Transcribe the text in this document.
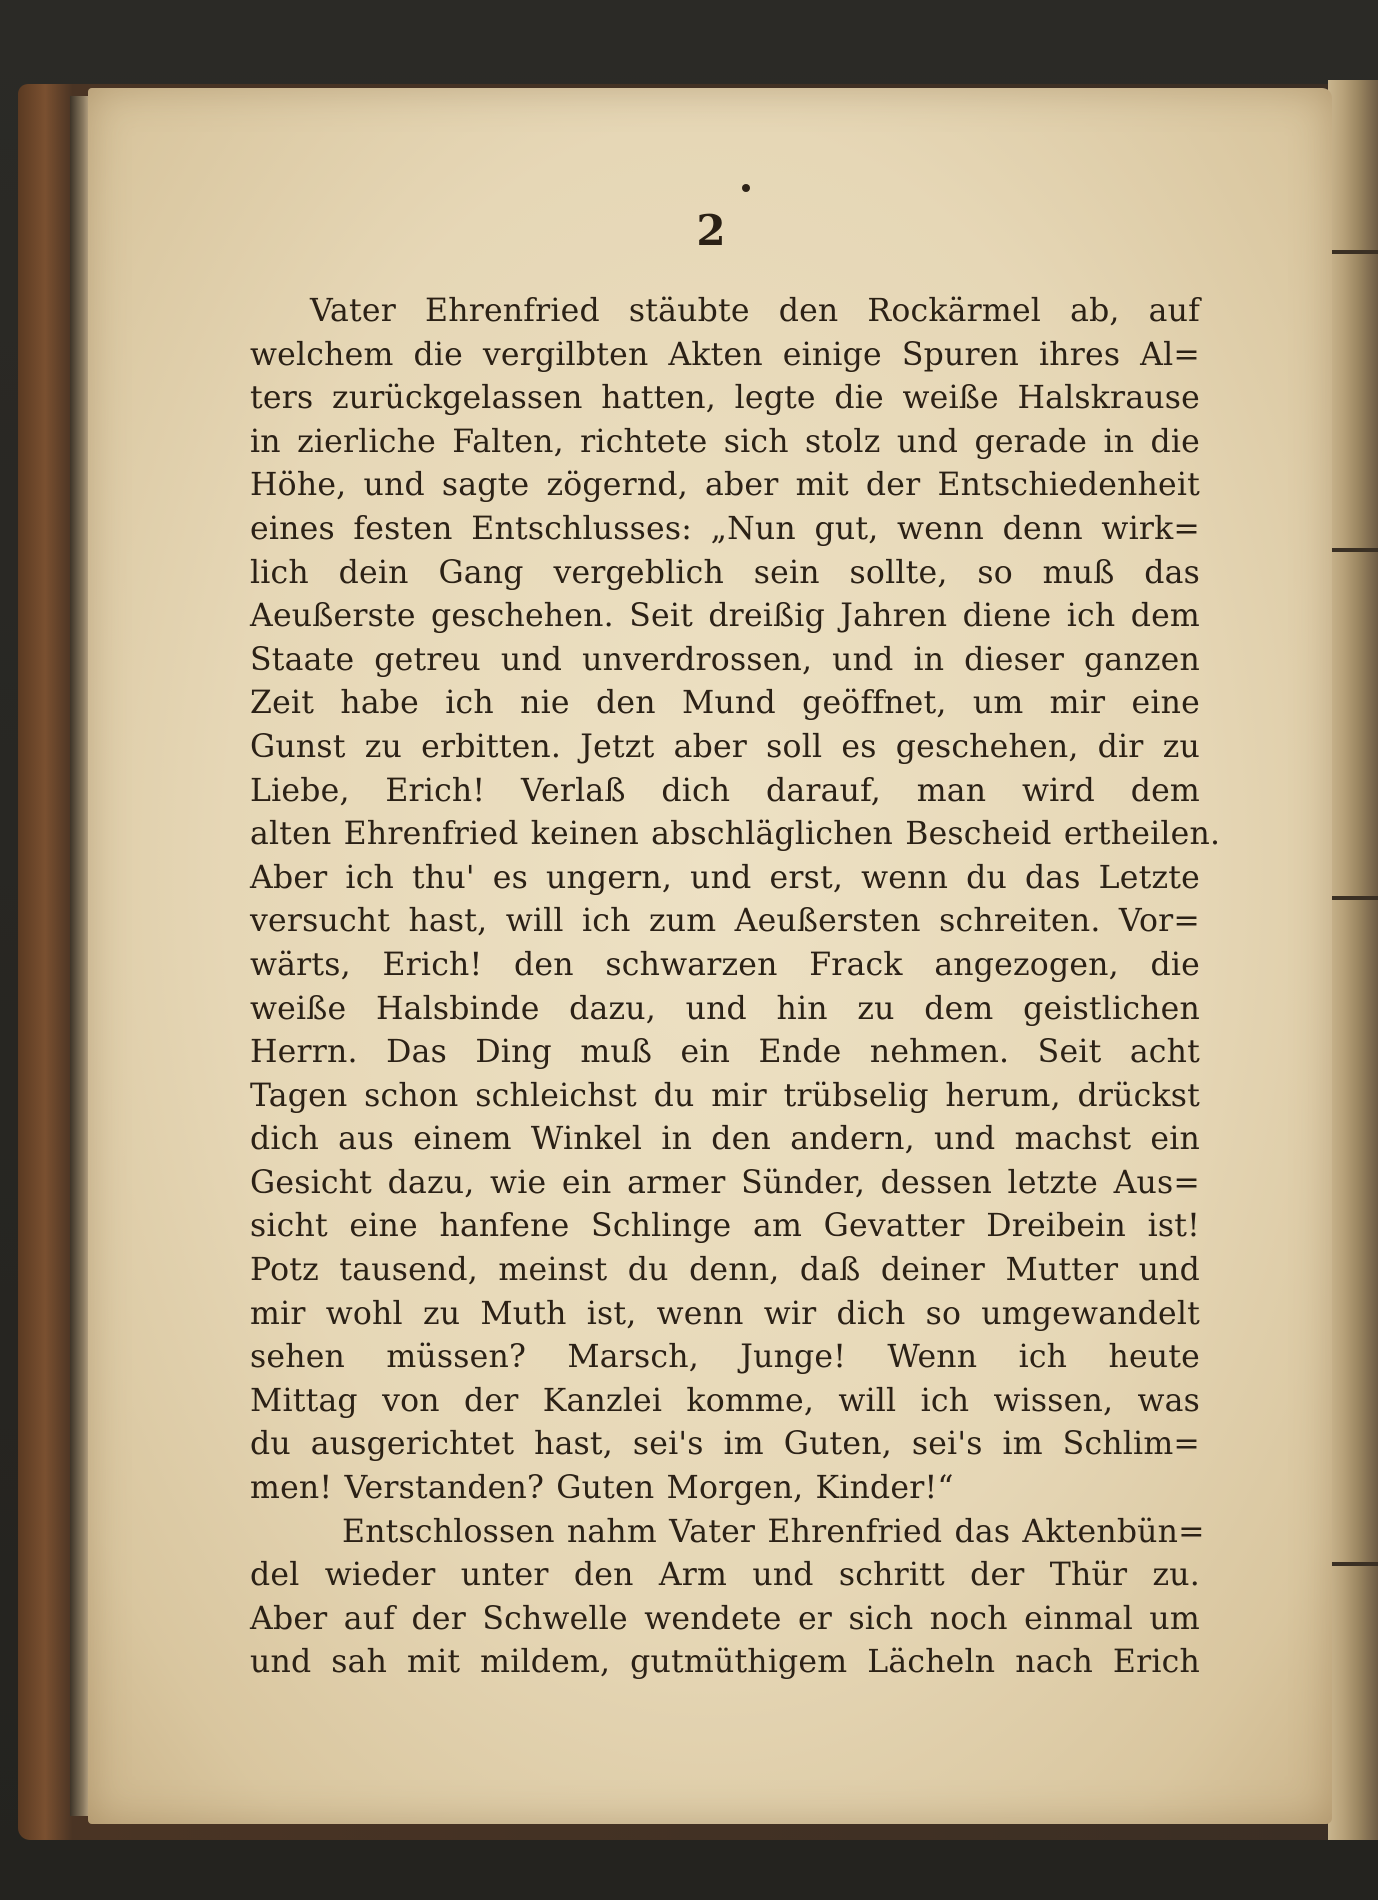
2
Vater Ehrenfried stäubte den Rockärmel ab, auf
welchem die vergilbten Akten einige Spuren ihres Al=
ters zurückgelassen hatten, legte die weiße Halskrause
in zierliche Falten, richtete sich stolz und gerade in die
Höhe, und sagte zögernd, aber mit der Entschiedenheit
eines festen Entschlusses: „Nun gut, wenn denn wirk=
lich dein Gang vergeblich sein sollte, so muß das
Aeußerste geschehen. Seit dreißig Jahren diene ich dem
Staate getreu und unverdrossen, und in dieser ganzen
Zeit habe ich nie den Mund geöffnet, um mir eine
Gunst zu erbitten. Jetzt aber soll es geschehen, dir zu
Liebe, Erich! Verlaß dich darauf, man wird dem
alten Ehrenfried keinen abschläglichen Bescheid ertheilen.
Aber ich thu' es ungern, und erst, wenn du das Letzte
versucht hast, will ich zum Aeußersten schreiten. Vor=
wärts, Erich! den schwarzen Frack angezogen, die
weiße Halsbinde dazu, und hin zu dem geistlichen
Herrn. Das Ding muß ein Ende nehmen. Seit acht
Tagen schon schleichst du mir trübselig herum, drückst
dich aus einem Winkel in den andern, und machst ein
Gesicht dazu, wie ein armer Sünder, dessen letzte Aus=
sicht eine hanfene Schlinge am Gevatter Dreibein ist!
Potz tausend, meinst du denn, daß deiner Mutter und
mir wohl zu Muth ist, wenn wir dich so umgewandelt
sehen müssen? Marsch, Junge! Wenn ich heute
Mittag von der Kanzlei komme, will ich wissen, was
du ausgerichtet hast, sei's im Guten, sei's im Schlim=
men! Verstanden? Guten Morgen, Kinder!“
Entschlossen nahm Vater Ehrenfried das Aktenbün=
del wieder unter den Arm und schritt der Thür zu.
Aber auf der Schwelle wendete er sich noch einmal um
und sah mit mildem, gutmüthigem Lächeln nach Erich
